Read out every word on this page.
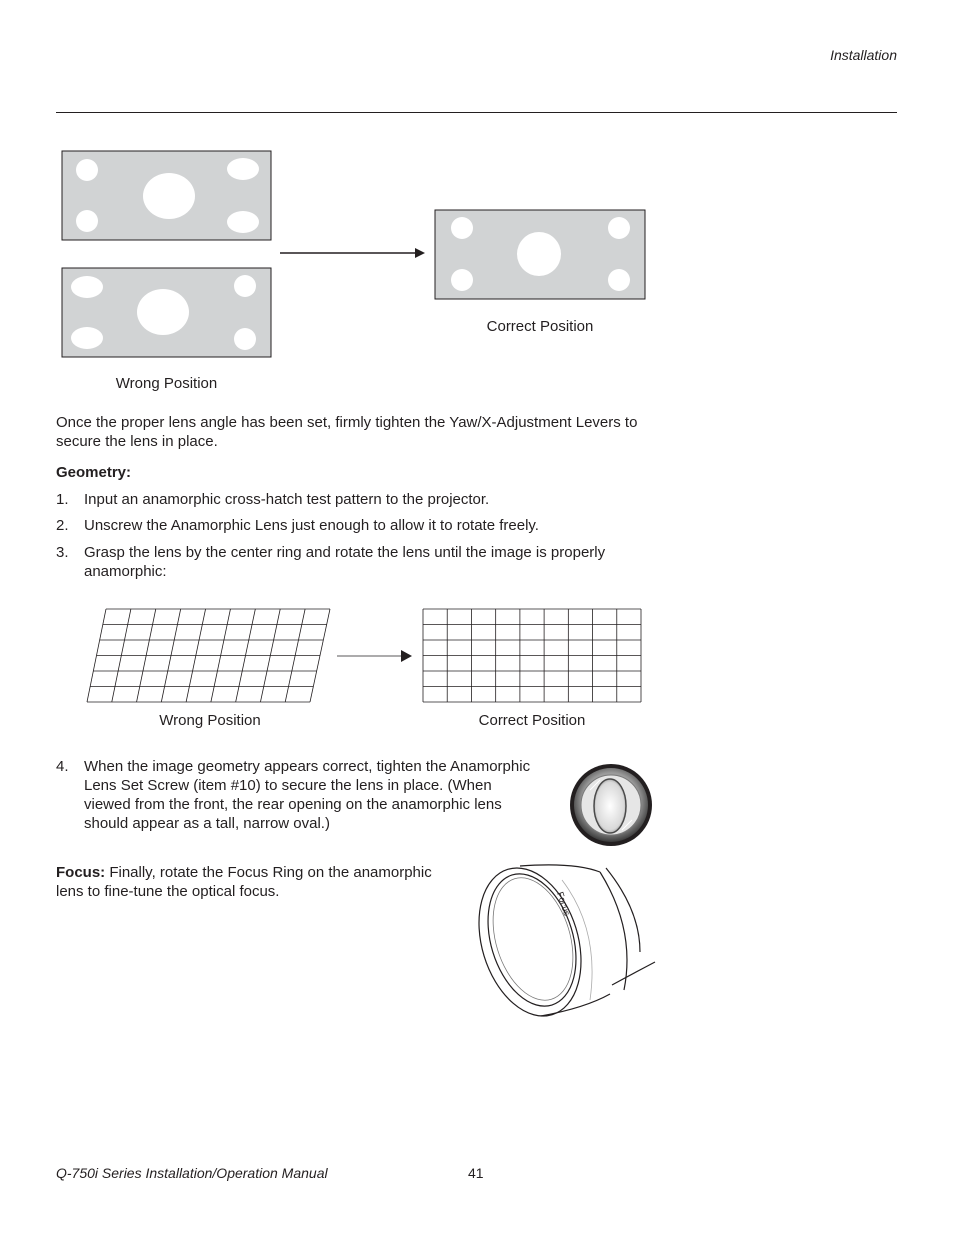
Installation
Correct Position
Wrong Position
Once the proper lens angle has been set, firmly tighten the Yaw/X-Adjustment Levers to secure the lens in place.
Geometry:
1. Input an anamorphic cross-hatch test pattern to the projector.
2. Unscrew the Anamorphic Lens just enough to allow it to rotate freely.
3. Grasp the lens by the center ring and rotate the lens until the image is properly anamorphic:
Wrong Position	Correct Position
4. When the image geometry appears correct, tighten the Anamorphic Lens Set Screw (item #10) to secure the lens in place. (When viewed from the front, the rear opening on the anamorphic lens should appear as a tall, narrow oval.)
Focus: Finally, rotate the Focus Ring on the anamorphic lens to fine-tune the optical focus.	Focus
Q-750i Series Installation/Operation Manual	41
